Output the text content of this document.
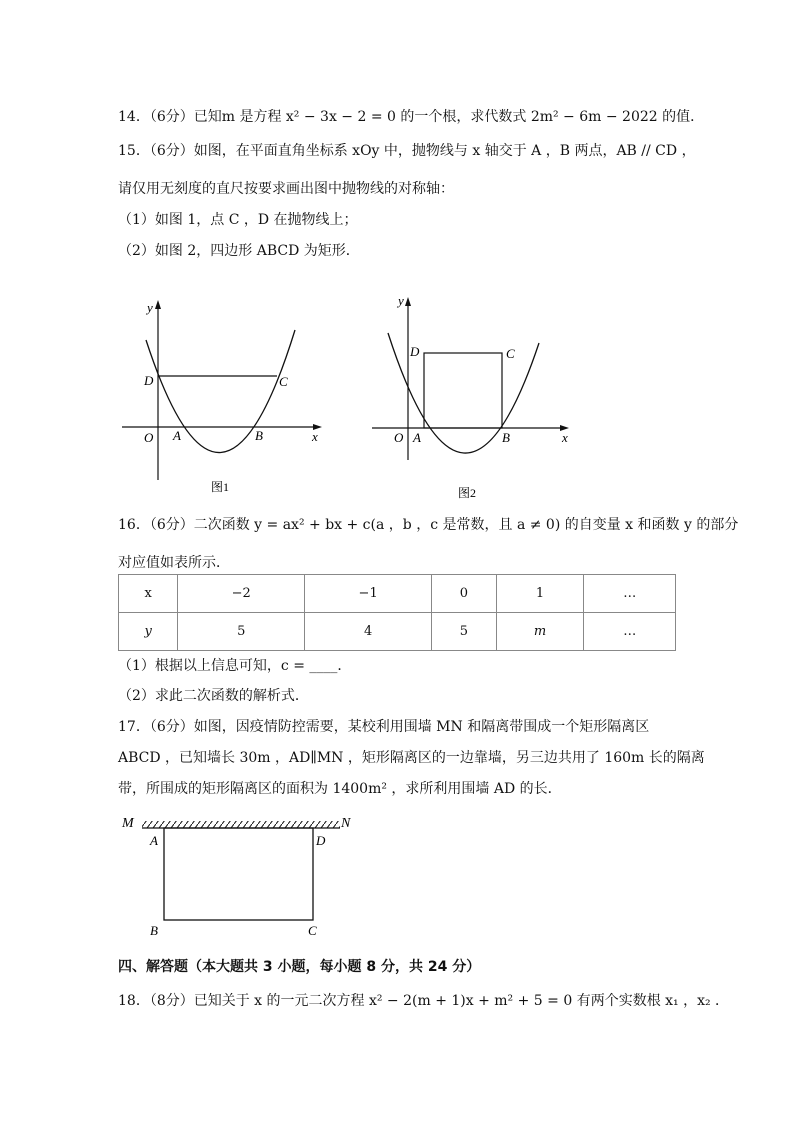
14．（6分）已知m 是方程 x² − 3x − 2 = 0 的一个根，求代数式 2m² − 6m − 2022 的值．
15．（6分）如图，在平面直角坐标系 xOy 中，抛物线与 x 轴交于 A ，B 两点，AB // CD ，
请仅用无刻度的直尺按要求画出图中抛物线的对称轴：
（1）如图 1，点 C ，D 在抛物线上；
（2）如图 2，四边形 ABCD 为矩形．
y
x
O A	B
C
D
图1
y
x
O A	B
C
D
图2
16．（6分）二次函数 y = ax² + bx + c(a ，b ，c 是常数，且 a ≠ 0) 的自变量 x 和函数 y 的部分
对应值如表所示．
x	−2	−1	0	1	…
y	5	4	5	m	…
（1）根据以上信息可知，c = ____．
（2）求此二次函数的解析式．
17．（6分）如图，因疫情防控需要，某校利用围墙 MN 和隔离带围成一个矩形隔离区
ABCD ，已知墙长 30m ，AD∥MN ，矩形隔离区的一边靠墙，另三边共用了 160m 长的隔离
带，所围成的矩形隔离区的面积为 1400m² ，求所利用围墙 AD 的长．
M	N
A	D
B	C
四、解答题（本大题共 3 小题，每小题 8 分，共 24 分）
18．（8分）已知关于 x 的一元二次方程 x² − 2(m + 1)x + m² + 5 = 0 有两个实数根 x₁ ，x₂ ．
